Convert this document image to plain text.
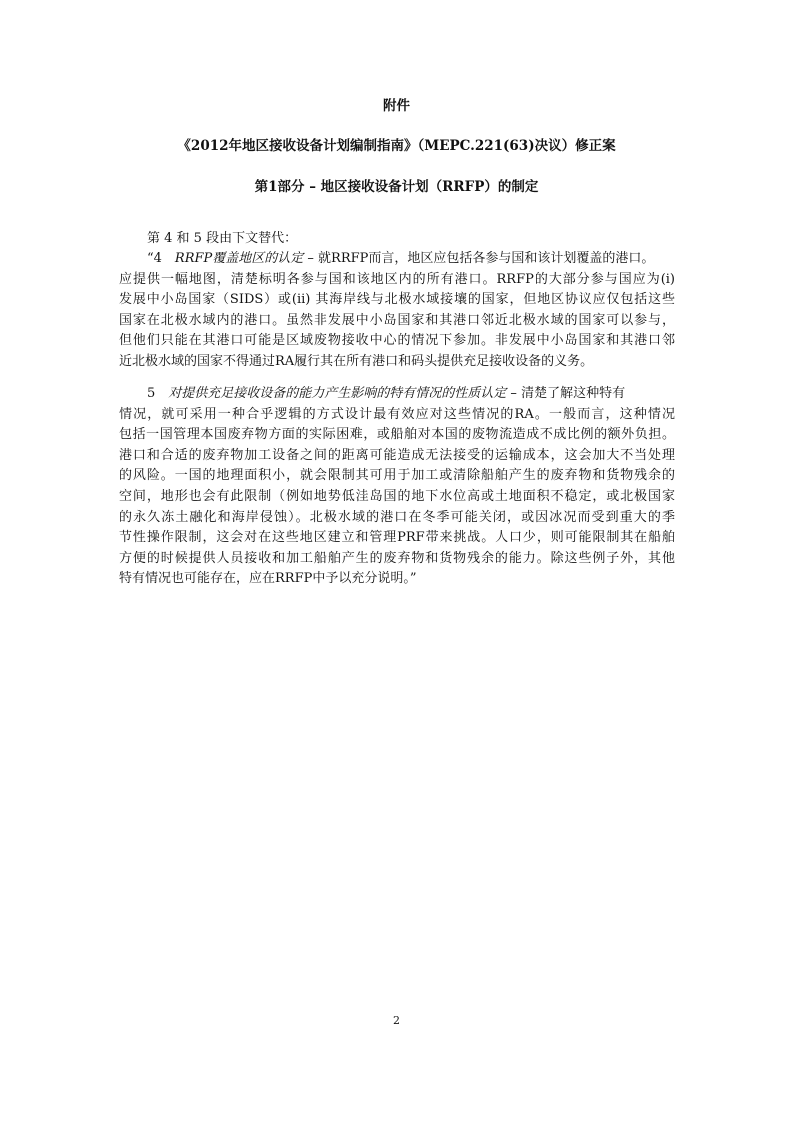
附件
《2012年地区接收设备计划编制指南》（MEPC.221(63)决议）修正案
第1部分 – 地区接收设备计划（RRFP）的制定
第 4 和 5 段由下文替代：
“4　RRFP覆盖地区的认定 – 就RRFP而言，地区应包括各参与国和该计划覆盖的港口。
应提供一幅地图，清楚标明各参与国和该地区内的所有港口。RRFP的大部分参与国应为(i)
发展中小岛国家（SIDS）或(ii) 其海岸线与北极水域接壤的国家，但地区协议应仅包括这些
国家在北极水域内的港口。虽然非发展中小岛国家和其港口邻近北极水域的国家可以参与，
但他们只能在其港口可能是区域废物接收中心的情况下参加。非发展中小岛国家和其港口邻
近北极水域的国家不得通过RA履行其在所有港口和码头提供充足接收设备的义务。
5　对提供充足接收设备的能力产生影响的特有情况的性质认定 – 清楚了解这种特有
情况，就可采用一种合乎逻辑的方式设计最有效应对这些情况的RA。一般而言，这种情况
包括一国管理本国废弃物方面的实际困难，或船舶对本国的废物流造成不成比例的额外负担。
港口和合适的废弃物加工设备之间的距离可能造成无法接受的运输成本，这会加大不当处理
的风险。一国的地理面积小，就会限制其可用于加工或清除船舶产生的废弃物和货物残余的
空间，地形也会有此限制（例如地势低洼岛国的地下水位高或土地面积不稳定，或北极国家
的永久冻土融化和海岸侵蚀）。北极水域的港口在冬季可能关闭，或因冰况而受到重大的季
节性操作限制，这会对在这些地区建立和管理PRF带来挑战。人口少，则可能限制其在船舶
方便的时候提供人员接收和加工船舶产生的废弃物和货物残余的能力。除这些例子外，其他
特有情况也可能存在，应在RRFP中予以充分说明。”
2
